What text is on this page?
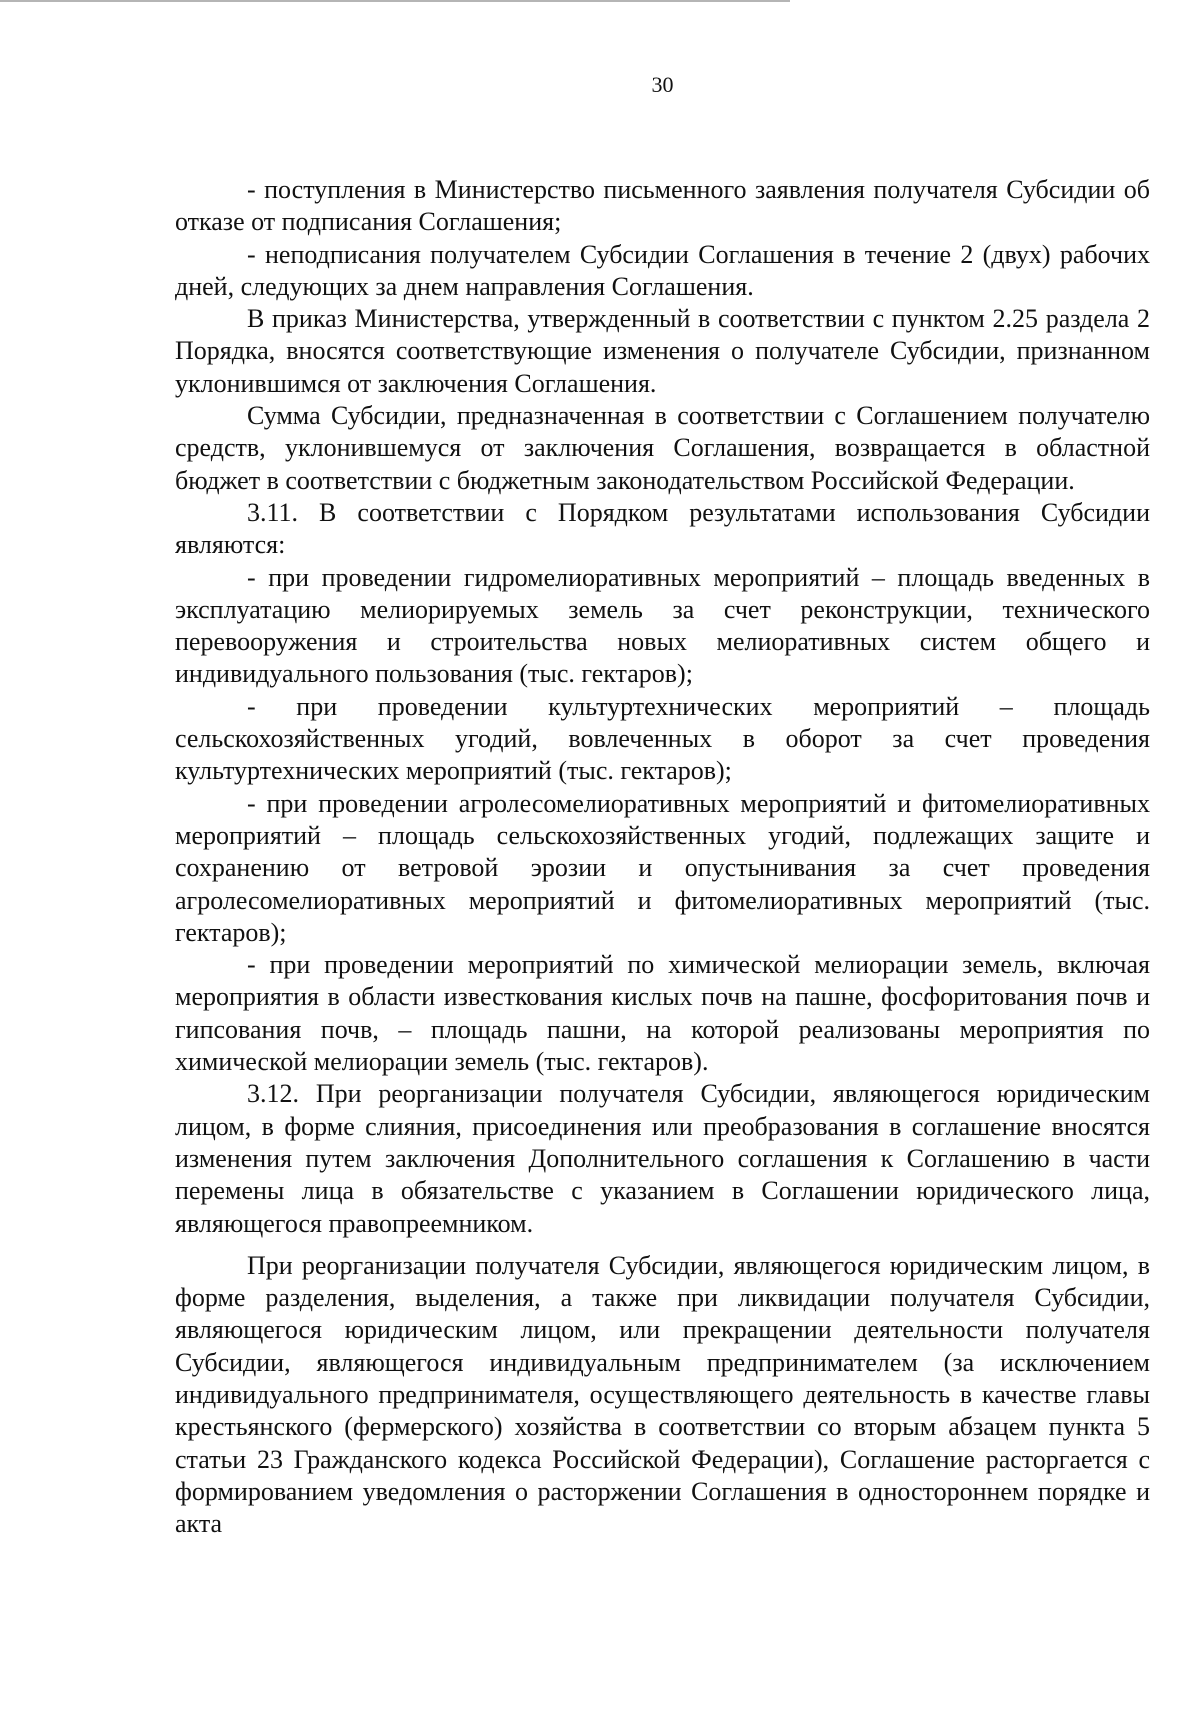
30

- поступления в Министерство письменного заявления получателя Субсидии об отказе от подписания Соглашения;

- неподписания получателем Субсидии Соглашения в течение 2 (двух) рабочих дней, следующих за днем направления Соглашения.

В приказ Министерства, утвержденный в соответствии с пунктом 2.25 раздела 2 Порядка, вносятся соответствующие изменения о получателе Субсидии, признанном уклонившимся от заключения Соглашения.

Сумма Субсидии, предназначенная в соответствии с Соглашением получателю средств, уклонившемуся от заключения Соглашения, возвращается в областной бюджет в соответствии с бюджетным законодательством Российской Федерации.

3.11. В соответствии с Порядком результатами использования Субсидии являются:

- при проведении гидромелиоративных мероприятий – площадь введенных в эксплуатацию мелиорируемых земель за счет реконструкции, технического перевооружения и строительства новых мелиоративных систем общего и индивидуального пользования (тыс. гектаров);

- при проведении культуртехнических мероприятий – площадь сельскохозяйственных угодий, вовлеченных в оборот за счет проведения культуртехнических мероприятий (тыс. гектаров);

- при проведении агролесомелиоративных мероприятий и фитомелиоративных мероприятий – площадь сельскохозяйственных угодий, подлежащих защите и сохранению от ветровой эрозии и опустынивания за счет проведения агролесомелиоративных мероприятий и фитомелиоративных мероприятий (тыс. гектаров);

- при проведении мероприятий по химической мелиорации земель, включая мероприятия в области известкования кислых почв на пашне, фосфоритования почв и гипсования почв, – площадь пашни, на которой реализованы мероприятия по химической мелиорации земель (тыс. гектаров).

3.12. При реорганизации получателя Субсидии, являющегося юридическим лицом, в форме слияния, присоединения или преобразования в соглашение вносятся изменения путем заключения Дополнительного соглашения к Соглашению в части перемены лица в обязательстве с указанием в Соглашении юридического лица, являющегося правопреемником.

При реорганизации получателя Субсидии, являющегося юридическим лицом, в форме разделения, выделения, а также при ликвидации получателя Субсидии, являющегося юридическим лицом, или прекращении деятельности получателя Субсидии, являющегося индивидуальным предпринимателем (за исключением индивидуального предпринимателя, осуществляющего деятельность в качестве главы крестьянского (фермерского) хозяйства в соответствии со вторым абзацем пункта 5 статьи 23 Гражданского кодекса Российской Федерации), Соглашение расторгается с формированием уведомления о расторжении Соглашения в одностороннем порядке и акта
